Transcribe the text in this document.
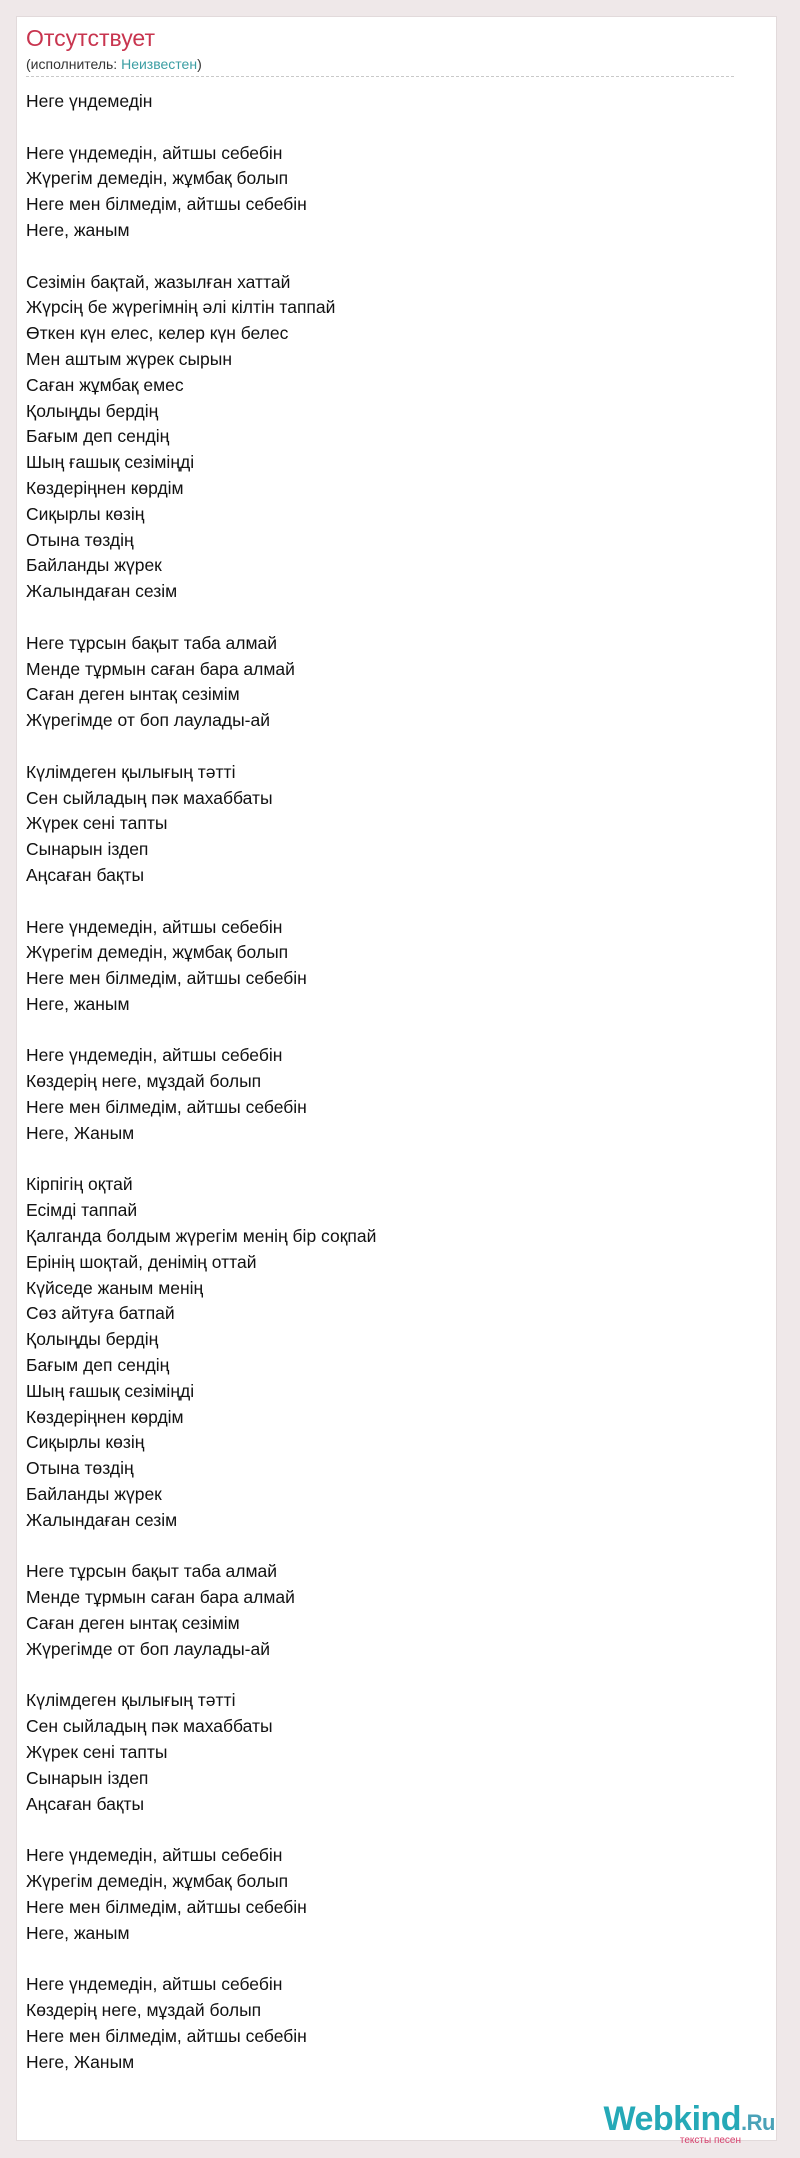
Отсутствует
(исполнитель: Неизвестен)
Неге үндемедін
Неге үндемедін, айтшы себебін
Жүрегім демедін, жұмбақ болып
Неге мен білмедім, айтшы себебін
Неге, жаным
Сезімін бақтай, жазылған хаттай
Жүрсің бе жүрегімнің әлі кілтін таппай
Өткен күн елес, келер күн белес
Мен аштым жүрек сырын
Саған жұмбақ емес
Қолыңды бердің
Бағым деп сендің
Шың ғашық сезіміңді
Көздеріңнен көрдім
Сиқырлы көзің
Отына төздің
Байланды жүрек
Жалындаған сезім
Неге тұрсын бақыт таба алмай
Менде тұрмын саған бара алмай
Саған деген ынтақ сезімім
Жүрегімде от боп лаулады-ай
Күлімдеген қылығың тәтті
Сен сыйладың пәк махаббаты
Жүрек сені тапты
Сынарын іздеп
Аңсаған бақты
Неге үндемедін, айтшы себебін
Жүрегім демедін, жұмбақ болып
Неге мен білмедім, айтшы себебін
Неге, жаным
Неге үндемедін, айтшы себебін
Көздерің неге, мұздай болып
Неге мен білмедім, айтшы себебін
Неге, Жаным
Кірпігің оқтай
Есімді таппай
Қалганда болдым жүрегім менің бір соқпай
Ерінің шоқтай, денімің оттай
Күйседе жаным менің
Сөз айтуға батпай
Қолыңды бердің
Бағым деп сендің
Шың ғашық сезіміңді
Көздеріңнен көрдім
Сиқырлы көзің
Отына төздің
Байланды жүрек
Жалындаған сезім
Неге тұрсын бақыт таба алмай
Менде тұрмын саған бара алмай
Саған деген ынтақ сезімім
Жүрегімде от боп лаулады-ай
Күлімдеген қылығың тәтті
Сен сыйладың пәк махаббаты
Жүрек сені тапты
Сынарын іздеп
Аңсаған бақты
Неге үндемедін, айтшы себебін
Жүрегім демедін, жұмбақ болып
Неге мен білмедім, айтшы себебін
Неге, жаным
Неге үндемедін, айтшы себебін
Көздерің неге, мұздай болып
Неге мен білмедім, айтшы себебін
Неге, Жаным
Webkind.Ru
тексты песен
